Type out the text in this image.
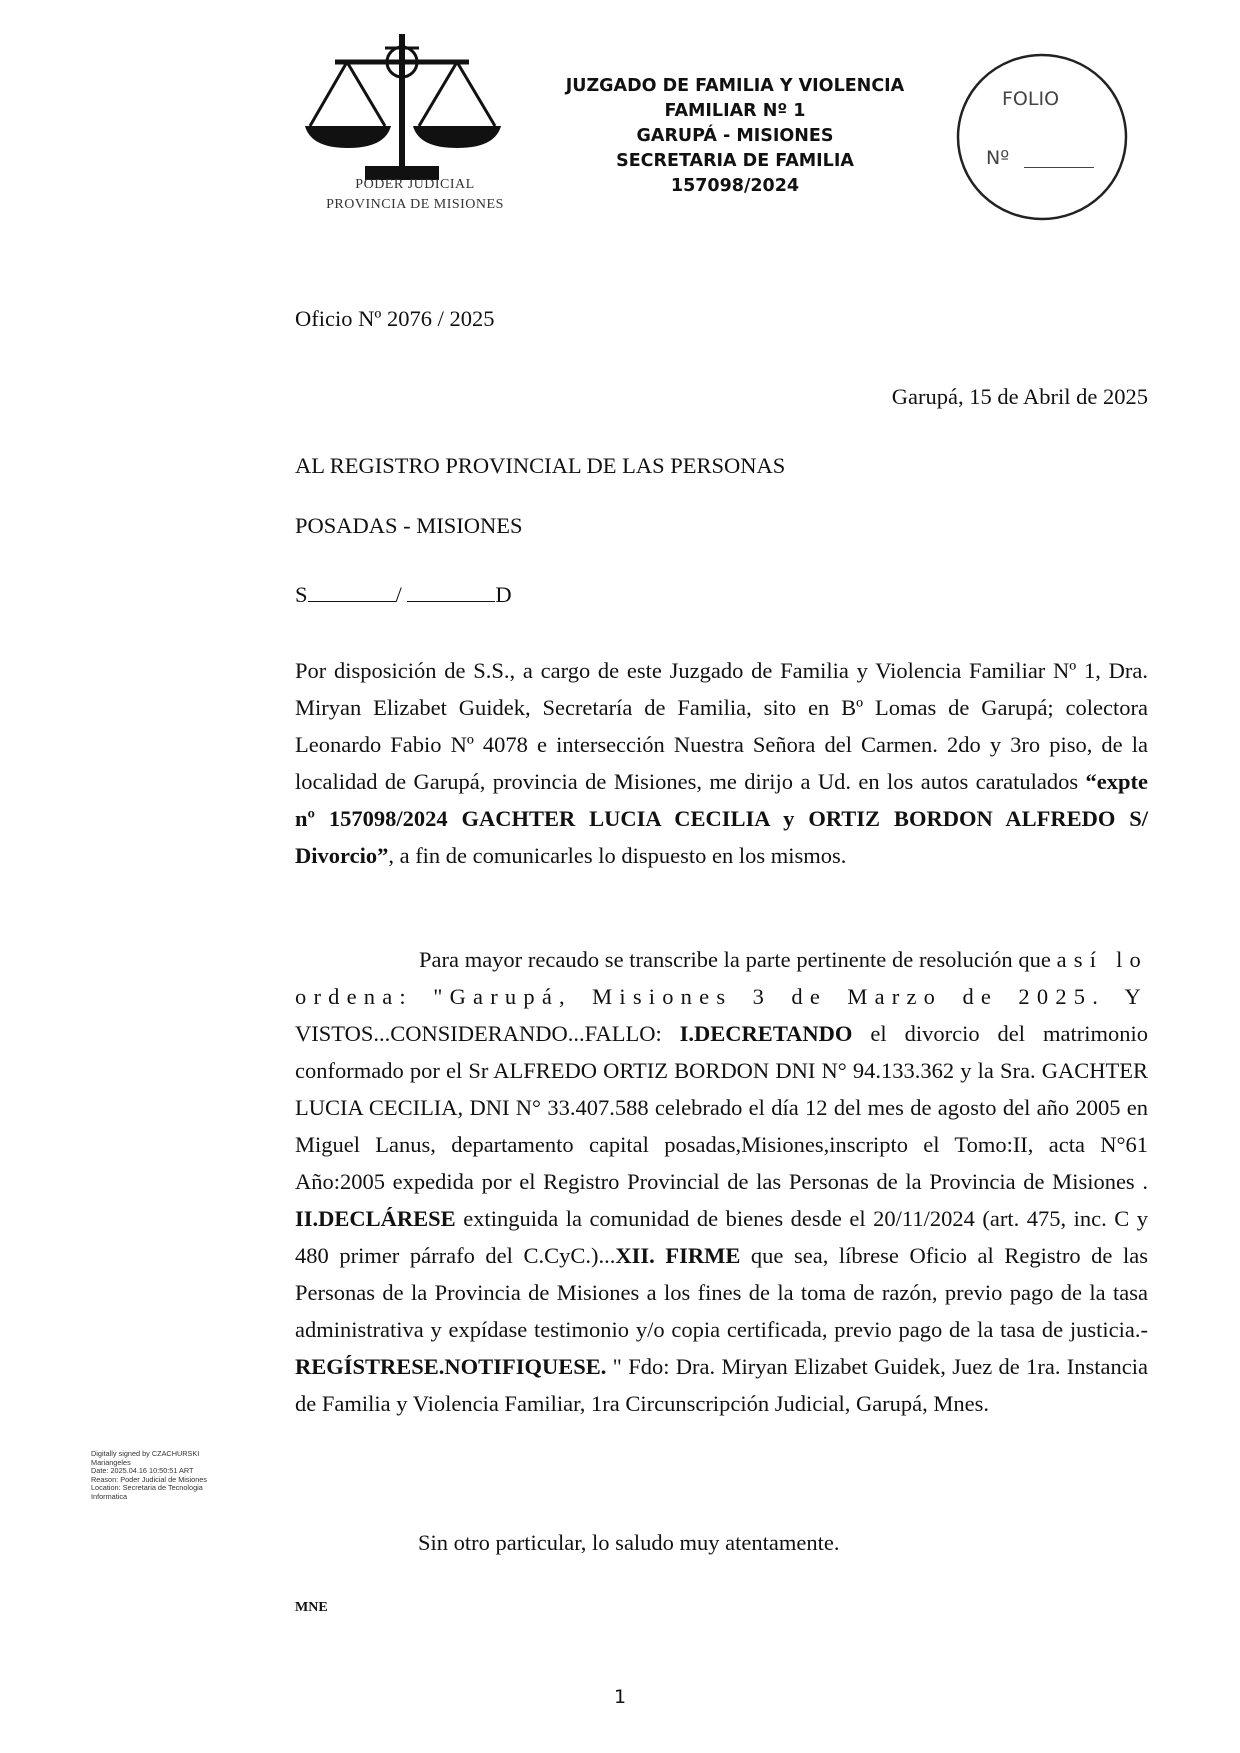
PODER JUDICIAL
PROVINCIA DE MISIONES
JUZGADO DE FAMILIA Y VIOLENCIA
FAMILIAR Nº 1
GARUPÁ - MISIONES
SECRETARIA DE FAMILIA
157098/2024
FOLIO
Nº
Oficio Nº 2076 / 2025
Garupá, 15 de Abril de 2025
AL REGISTRO PROVINCIAL DE LAS PERSONAS
POSADAS - MISIONES
S	/	D
Por disposición de S.S., a cargo de este Juzgado de Familia y Violencia Familiar Nº 1, Dra. Miryan Elizabet Guidek, Secretaría de Familia, sito en Bº Lomas de Garupá; colectora Leonardo Fabio Nº 4078 e intersección Nuestra Señora del Carmen. 2do y 3ro piso, de la localidad de Garupá, provincia de Misiones, me dirijo a Ud. en los autos caratulados “expte nº 157098/2024 GACHTER LUCIA CECILIA y ORTIZ BORDON ALFREDO S/ Divorcio”, a fin de comunicarles lo dispuesto en los mismos.
Para mayor recaudo se transcribe la parte pertinente de resolución que así lo ordena: "Garupá, Misiones 3 de Marzo de 2025. Y VISTOS...CONSIDERANDO...FALLO: I.DECRETANDO el divorcio del matrimonio conformado por el Sr ALFREDO ORTIZ BORDON DNI N° 94.133.362 y la Sra. GACHTER LUCIA CECILIA, DNI N° 33.407.588 celebrado el día 12 del mes de agosto del año 2005 en Miguel Lanus, departamento capital posadas,Misiones,inscripto el Tomo:II, acta N°61 Año:2005 expedida por el Registro Provincial de las Personas de la Provincia de Misiones . II.DECLÁRESE extinguida la comunidad de bienes desde el 20/11/2024 (art. 475, inc. C y 480 primer párrafo del C.CyC.)...XII. FIRME que sea, líbrese Oficio al Registro de las Personas de la Provincia de Misiones a los fines de la toma de razón, previo pago de la tasa administrativa y expídase testimonio y/o copia certificada, previo pago de la tasa de justicia.-REGÍSTRESE.NOTIFIQUESE. " Fdo: Dra. Miryan Elizabet Guidek, Juez de 1ra. Instancia de Familia y Violencia Familiar, 1ra Circunscripción Judicial, Garupá, Mnes.
Digitally signed by CZACHURSKI
Mariangeles
Date: 2025.04.16 10:50:51 ART
Reason: Poder Judicial de Misiones
Location: Secretaria de Tecnologia
Informatica
Sin otro particular, lo saludo muy atentamente.
MNE
1
